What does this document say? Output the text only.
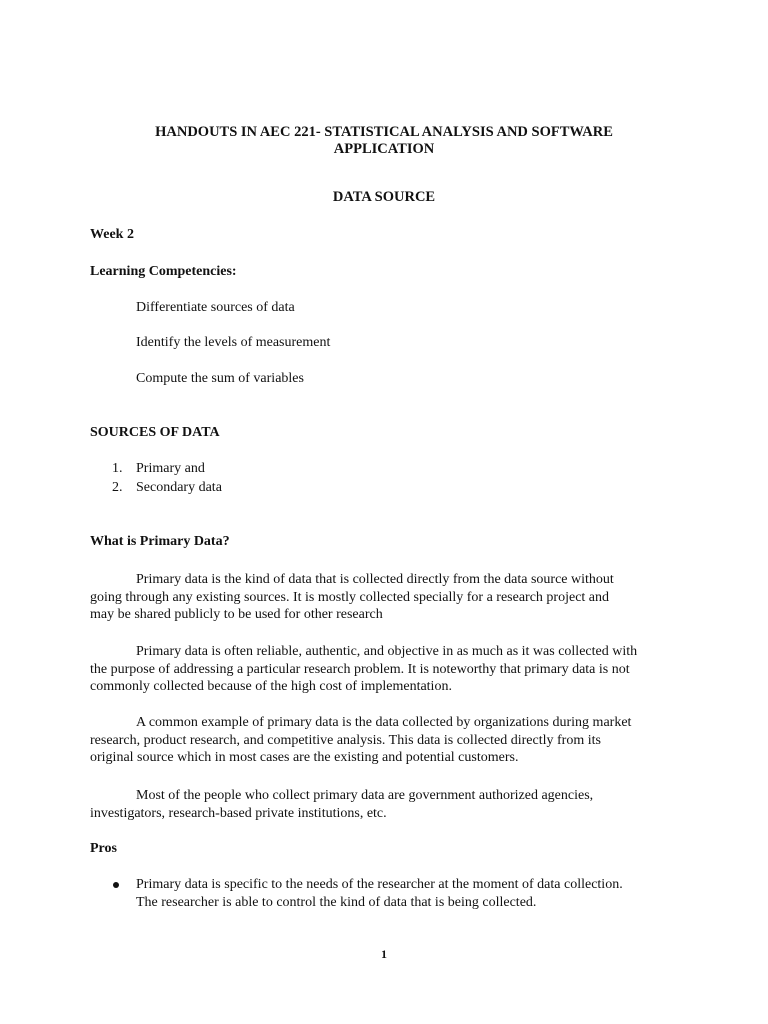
HANDOUTS IN AEC 221- STATISTICAL ANALYSIS AND SOFTWARE
APPLICATION
DATA SOURCE
Week 2
Learning Competencies:
Differentiate sources of data
Identify the levels of measurement
Compute the sum of variables
SOURCES OF DATA
1. Primary and
2. Secondary data
What is Primary Data?
Primary data is the kind of data that is collected directly from the data source without
going through any existing sources. It is mostly collected specially for a research project and
may be shared publicly to be used for other research
Primary data is often reliable, authentic, and objective in as much as it was collected with
the purpose of addressing a particular research problem. It is noteworthy that primary data is not
commonly collected because of the high cost of implementation.
A common example of primary data is the data collected by organizations during market
research, product research, and competitive analysis. This data is collected directly from its
original source which in most cases are the existing and potential customers.
Most of the people who collect primary data are government authorized agencies,
investigators, research-based private institutions, etc.
Pros
Primary data is specific to the needs of the researcher at the moment of data collection.
The researcher is able to control the kind of data that is being collected.
1
